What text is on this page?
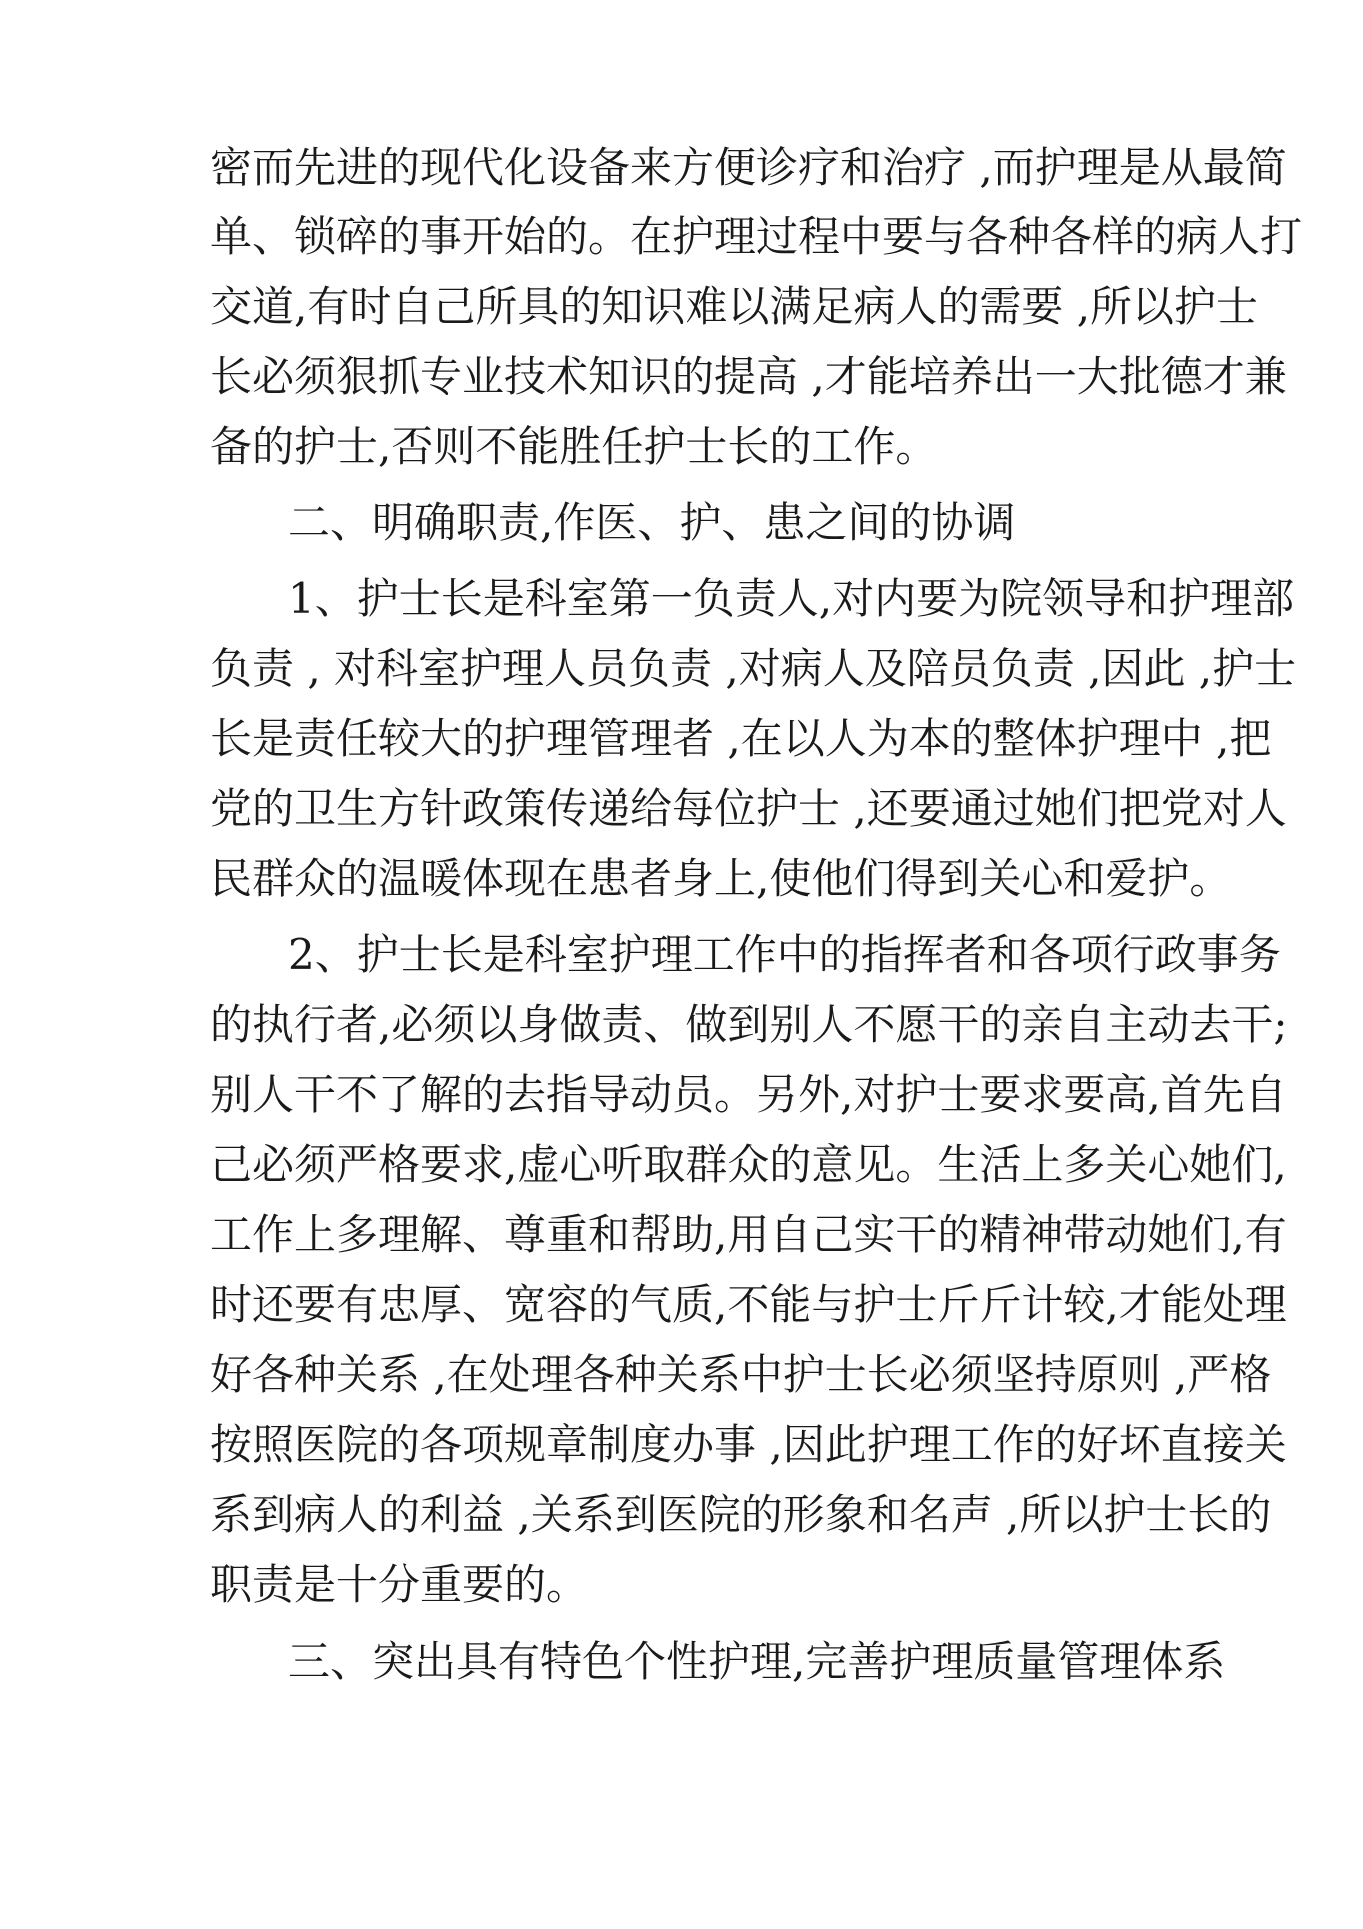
密而先进的现代化设备来方便诊疗和治疗 ,而护理是从最简
单、锁碎的事开始的。在护理过程中要与各种各样的病人打
交道,有时自己所具的知识难以满足病人的需要 ,所以护士
长必须狠抓专业技术知识的提高 ,才能培养出一大批德才兼
备的护士,否则不能胜任护士长的工作。
二、明确职责,作医、护、患之间的协调
1、护士长是科室第一负责人,对内要为院领导和护理部
负责 , 对科室护理人员负责 ,对病人及陪员负责 ,因此 ,护士
长是责任较大的护理管理者 ,在以人为本的整体护理中 ,把
党的卫生方针政策传递给每位护士 ,还要通过她们把党对人
民群众的温暖体现在患者身上,使他们得到关心和爱护。
2、护士长是科室护理工作中的指挥者和各项行政事务
的执行者,必须以身做责、做到别人不愿干的亲自主动去干;
别人干不了解的去指导动员。另外,对护士要求要高,首先自
己必须严格要求,虚心听取群众的意见。生活上多关心她们,
工作上多理解、尊重和帮助,用自己实干的精神带动她们,有
时还要有忠厚、宽容的气质,不能与护士斤斤计较,才能处理
好各种关系 ,在处理各种关系中护士长必须坚持原则 ,严格
按照医院的各项规章制度办事 ,因此护理工作的好坏直接关
系到病人的利益 ,关系到医院的形象和名声 ,所以护士长的
职责是十分重要的。
三、突出具有特色个性护理,完善护理质量管理体系
